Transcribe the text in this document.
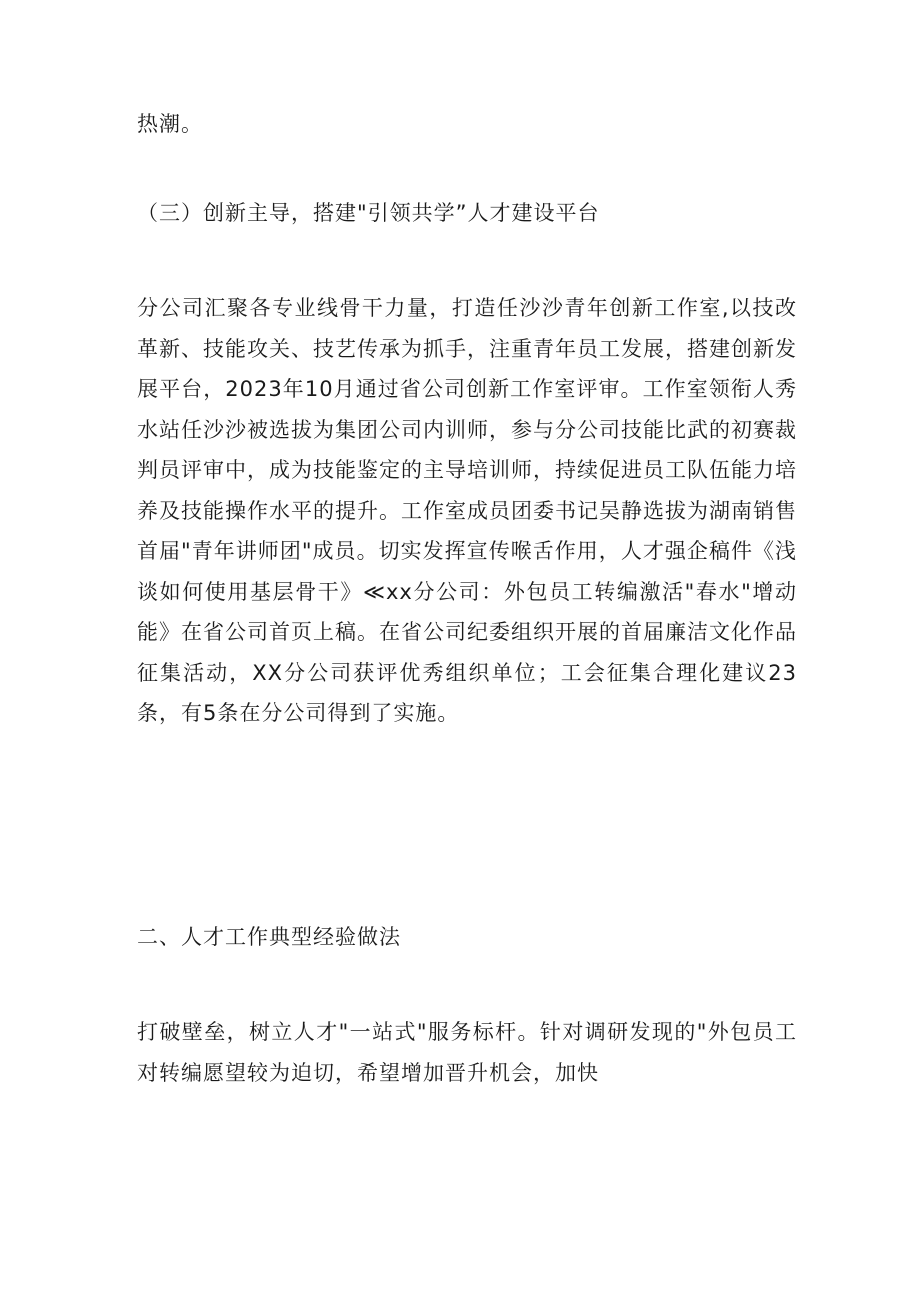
热潮。

（三）创新主导，搭建"引领共学”人才建设平台

分公司汇聚各专业线骨干力量，打造任沙沙青年创新工作室,以技改革新、技能攻关、技艺传承为抓手，注重青年员工发展，搭建创新发展平台，2023年10月通过省公司创新工作室评审。工作室领衔人秀水站任沙沙被选拔为集团公司内训师，参与分公司技能比武的初赛裁判员评审中，成为技能鉴定的主导培训师，持续促进员工队伍能力培养及技能操作水平的提升。工作室成员团委书记吴静选拔为湖南销售首届"青年讲师团"成员。切实发挥宣传喉舌作用，人才强企稿件《浅谈如何使用基层骨干》≪xx分公司：外包员工转编激活"春水"增动能》在省公司首页上稿。在省公司纪委组织开展的首届廉洁文化作品征集活动，XX分公司获评优秀组织单位；工会征集合理化建议23条，有5条在分公司得到了实施。

二、人才工作典型经验做法

打破壁垒，树立人才"一站式"服务标杆。针对调研发现的"外包员工对转编愿望较为迫切，希望增加晋升机会，加快
